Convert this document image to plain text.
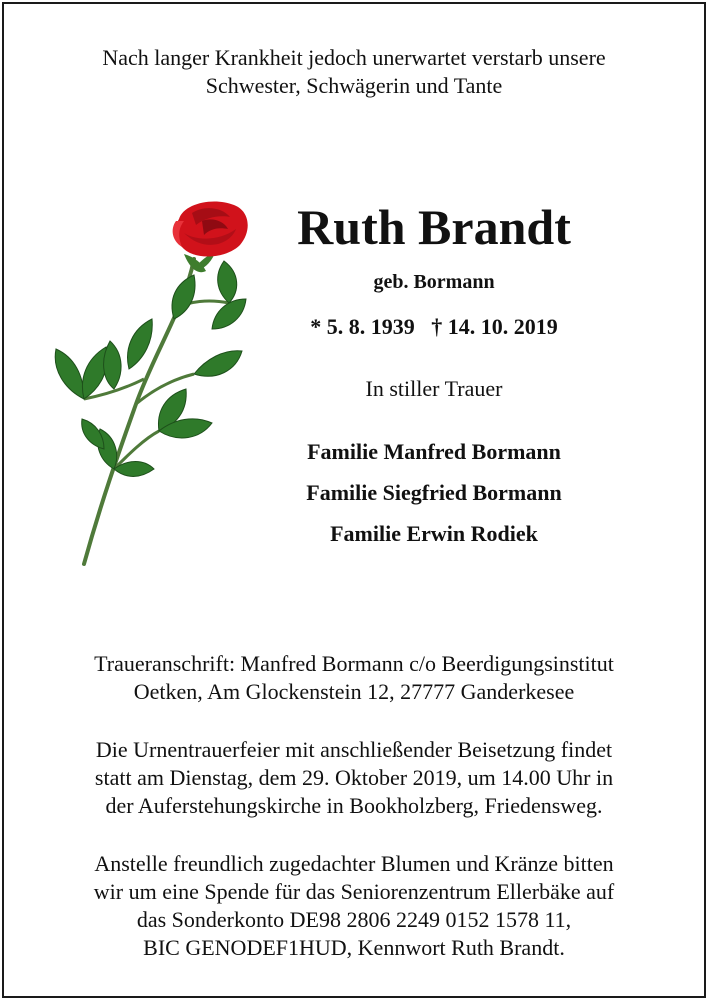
Nach langer Krankheit jedoch unerwartet verstarb unsere
Schwester, Schwägerin und Tante
Ruth Brandt
geb. Bormann
* 5. 8. 1939   † 14. 10. 2019
In stiller Trauer
Familie Manfred Bormann
Familie Siegfried Bormann
Familie Erwin Rodiek
Traueranschrift: Manfred Bormann c/o Beerdigungsinstitut
Oetken, Am Glockenstein 12, 27777 Ganderkesee
Die Urnentrauerfeier mit anschließender Beisetzung findet
statt am Dienstag, dem 29. Oktober 2019, um 14.00 Uhr in
der Auferstehungskirche in Bookholzberg, Friedensweg.
Anstelle freundlich zugedachter Blumen und Kränze bitten
wir um eine Spende für das Seniorenzentrum Ellerbäke auf
das Sonderkonto DE98 2806 2249 0152 1578 11,
BIC GENODEF1HUD, Kennwort Ruth Brandt.
